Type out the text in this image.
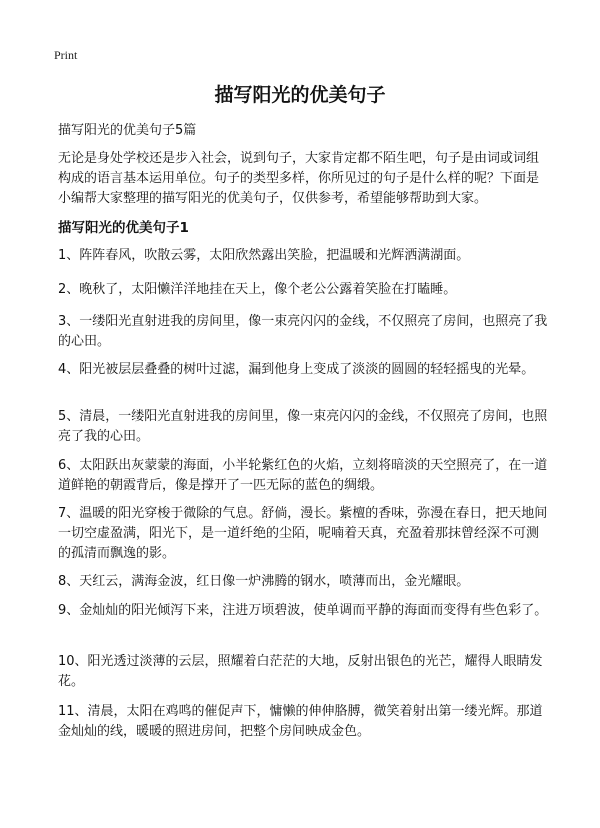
Print
描写阳光的优美句子

描写阳光的优美句子5篇

无论是身处学校还是步入社会，说到句子，大家肯定都不陌生吧，句子是由词或词组构成的语言基本运用单位。句子的类型多样，你所见过的句子是什么样的呢？下面是小编帮大家整理的描写阳光的优美句子，仅供参考，希望能够帮助到大家。

描写阳光的优美句子1

1、阵阵春风，吹散云雾，太阳欣然露出笑脸，把温暖和光辉洒满湖面。

2、晚秋了，太阳懒洋洋地挂在天上，像个老公公露着笑脸在打瞌睡。

3、一缕阳光直射进我的房间里，像一束亮闪闪的金线，不仅照亮了房间，也照亮了我的心田。

4、阳光被层层叠叠的树叶过滤，漏到他身上变成了淡淡的圆圆的轻轻摇曳的光晕。

5、清晨，一缕阳光直射进我的房间里，像一束亮闪闪的金线，不仅照亮了房间，也照亮了我的心田。

6、太阳跃出灰蒙蒙的海面，小半轮紫红色的火焰，立刻将暗淡的天空照亮了，在一道道鲜艳的朝霞背后，像是撑开了一匹无际的蓝色的绸缎。

7、温暖的阳光穿梭于微除的气息。舒倘，漫长。紫檀的香味，弥漫在春日，把天地间一切空虚盈满，阳光下，是一道纤绝的尘陌，呢喃着天真，充盈着那抹曾经深不可测的孤清而飘逸的影。

8、天红云，满海金波，红日像一炉沸腾的钢水，喷薄而出，金光耀眼。

9、金灿灿的阳光倾泻下来，注进万顷碧波，使单调而平静的海面而变得有些色彩了。

10、阳光透过淡薄的云层，照耀着白茫茫的大地，反射出银色的光芒，耀得人眼睛发花。

11、清晨，太阳在鸡鸣的催促声下，慵懒的伸伸胳膊，微笑着射出第一缕光辉。那道金灿灿的线，暖暖的照进房间，把整个房间映成金色。
